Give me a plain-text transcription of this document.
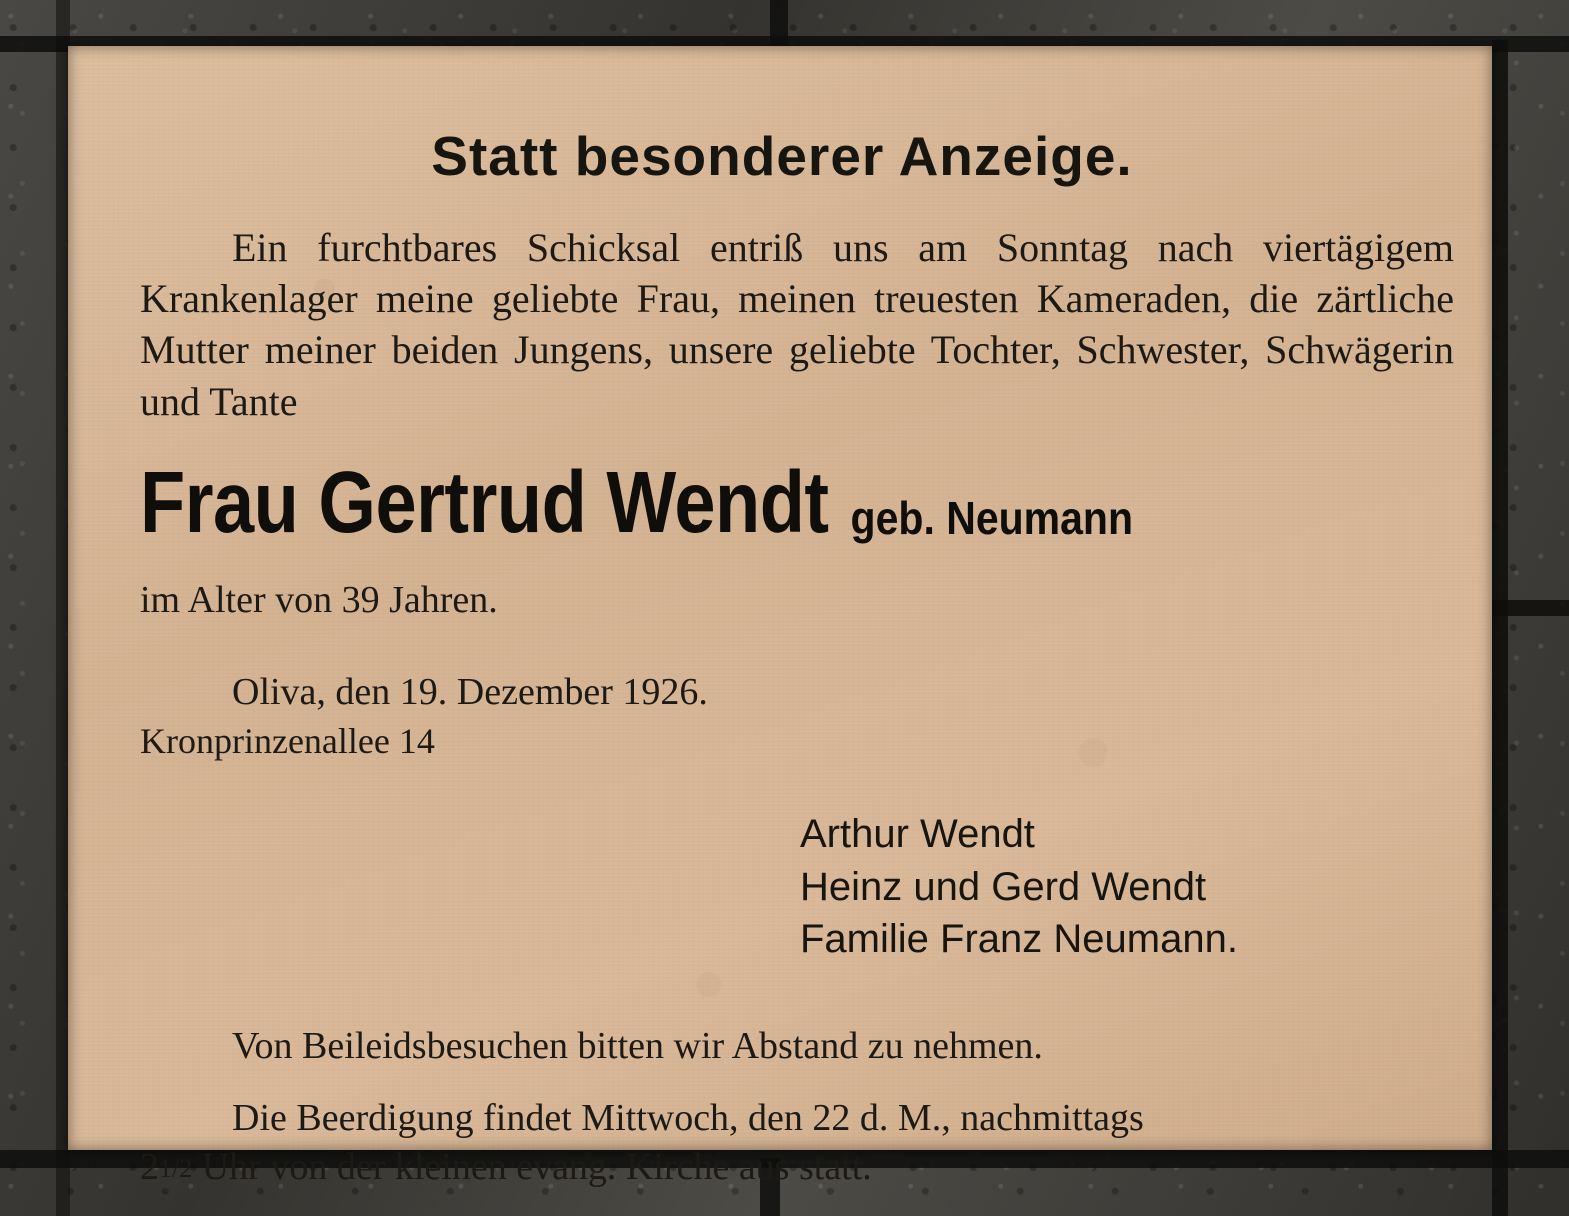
Statt besonderer Anzeige.

Ein furchtbares Schicksal entriß uns am Sonntag nach viertägigem Krankenlager meine geliebte Frau, meinen treuesten Kameraden, die zärtliche Mutter meiner beiden Jungens, unsere geliebte Tochter, Schwester, Schwägerin und Tante

Frau Gertrud Wendt geb. Neumann

im Alter von 39 Jahren.

Oliva, den 19. Dezember 1926.

Kronprinzenallee 14

Arthur Wendt
Heinz und Gerd Wendt
Familie Franz Neumann.

Von Beileidsbesuchen bitten wir Abstand zu nehmen.

Die Beerdigung findet Mittwoch, den 22 d. M., nachmittags
21/2 Uhr von der kleinen evang. Kirche aus statt.
